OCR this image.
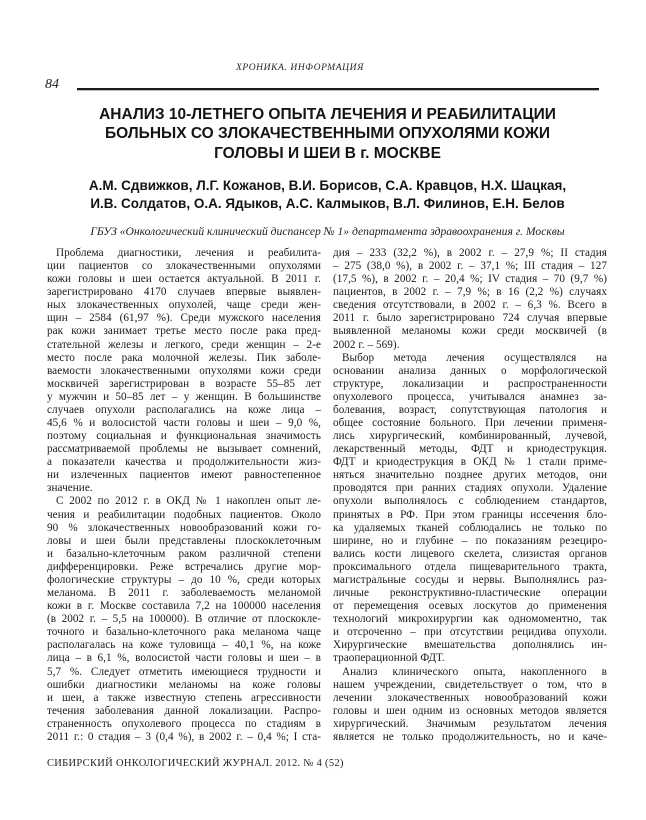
ХРОНИКА. ИНФОРМАЦИЯ
84
АНАЛИЗ 10-ЛЕТНЕГО ОПЫТА ЛЕЧЕНИЯ И РЕАБИЛИТАЦИИ
БОЛЬНЫХ СО ЗЛОКАЧЕСТВЕННЫМИ ОПУХОЛЯМИ КОЖИ
ГОЛОВЫ И ШЕИ В г. МОСКВЕ
А.М. Сдвижков, Л.Г. Кожанов, В.И. Борисов, С.А. Кравцов, Н.Х. Шацкая,
И.В. Солдатов, О.А. Ядыков, А.С. Калмыков, В.Л. Филинов, Е.Н. Белов
ГБУЗ «Онкологический клинический диспансер № 1» департамента здравоохранения г. Москвы
Проблема диагностики, лечения и реабилита-
ции пациентов со злокачественными опухолями
кожи головы и шеи остается актуальной. В 2011 г.
зарегистрировано 4170 случаев впервые выявлен-
ных злокачественных опухолей, чаще среди жен-
щин – 2584 (61,97 %). Среди мужского населения
рак кожи занимает третье место после рака пред-
стательной железы и легкого, среди женщин – 2-е
место после рака молочной железы. Пик заболе-
ваемости злокачественными опухолями кожи среди
москвичей зарегистрирован в возрасте 55–85 лет
у мужчин и 50–85 лет – у женщин. В большинстве
случаев опухоли располагались на коже лица –
45,6 % и волосистой части головы и шеи – 9,0 %,
поэтому социальная и функциональная значимость
рассматриваемой проблемы не вызывает сомнений,
а показатели качества и продолжительности жиз-
ни излеченных пациентов имеют равностепенное
значение.
С 2002 по 2012 г. в ОКД № 1 накоплен опыт ле-
чения и реабилитации подобных пациентов. Около
90 % злокачественных новообразований кожи го-
ловы и шеи были представлены плоскоклеточным
и базально-клеточным раком различной степени
дифференцировки. Реже встречались другие мор-
фологические структуры – до 10 %, среди которых
меланома. В 2011 г. заболеваемость меланомой
кожи в г. Москве составила 7,2 на 100000 населения
(в 2002 г. – 5,5 на 100000). В отличие от плоскокле-
точного и базально-клеточного рака меланома чаще
располагалась на коже туловища – 40,1 %, на коже
лица – в 6,1 %, волосистой части головы и шеи – в
5,7 %. Следует отметить имеющиеся трудности и
ошибки диагностики меланомы на коже головы
и шеи, а также известную степень агрессивности
течения заболевания данной локализации. Распро-
страненность опухолевого процесса по стадиям в
2011 г.: 0 стадия – 3 (0,4 %), в 2002 г. – 0,4 %; I ста-
дия – 233 (32,2 %), в 2002 г. – 27,9 %; II стадия
– 275 (38,0 %), в 2002 г. – 37,1 %; III стадия – 127
(17,5 %), в 2002 г. – 20,4 %; IV стадия – 70 (9,7 %)
пациентов, в 2002 г. – 7,9 %; в 16 (2,2 %) случаях
сведения отсутствовали, в 2002 г. – 6,3 %. Всего в
2011 г. было зарегистрировано 724 случая впервые
выявленной меланомы кожи среди москвичей (в
2002 г. – 569).
Выбор метода лечения осуществлялся на
основании анализа данных о морфологической
структуре, локализации и распространенности
опухолевого процесса, учитывался анамнез за-
болевания, возраст, сопутствующая патология и
общее состояние больного. При лечении применя-
лись хирургический, комбинированный, лучевой,
лекарственный методы, ФДТ и криодеструкция.
ФДТ и криодеструкция в ОКД № 1 стали приме-
няться значительно позднее других методов, они
проводятся при ранних стадиях опухоли. Удаление
опухоли выполнялось с соблюдением стандартов,
принятых в РФ. При этом границы иссечения бло-
ка удаляемых тканей соблюдались не только по
ширине, но и глубине – по показаниям резециро-
вались кости лицевого скелета, слизистая органов
проксимального отдела пищеварительного тракта,
магистральные сосуды и нервы. Выполнялись раз-
личные реконструктивно-пластические операции
от перемещения осевых лоскутов до применения
технологий микрохирургии как одномоментно, так
и отсроченно – при отсутствии рецидива опухоли.
Хирургические вмешательства дополнялись ин-
траоперационной ФДТ.
Анализ клинического опыта, накопленного в
нашем учреждении, свидетельствует о том, что в
лечении злокачественных новообразований кожи
головы и шеи одним из основных методов является
хирургический. Значимым результатом лечения
является не только продолжительность, но и каче-
СИБИРСКИЙ ОНКОЛОГИЧЕСКИЙ ЖУРНАЛ. 2012. № 4 (52)
